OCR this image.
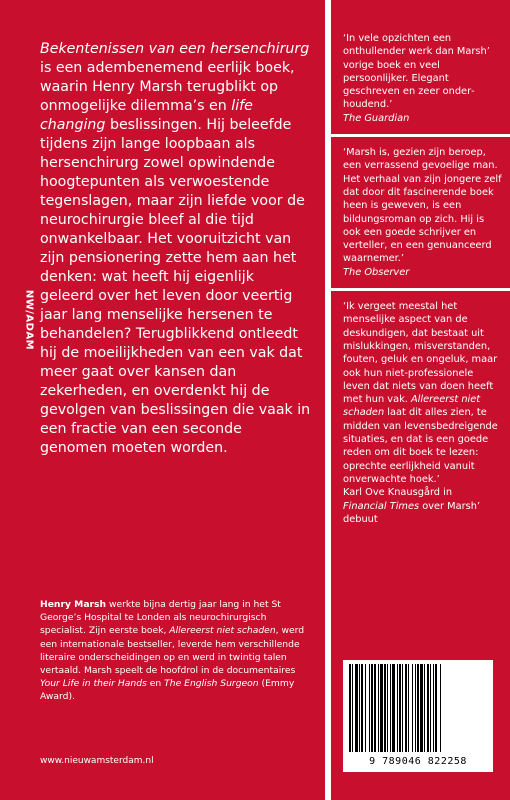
NW∕ADAM

Bekentenissen van een hersenchirurg is een adembenemend eerlijk boek, waarin Henry Marsh terugblikt op onmogelijke dilemma’s en life changing beslissingen. Hij beleefde tijdens zijn lange loopbaan als hersenchirurg zowel opwindende hoogtepunten als verwoestende tegenslagen, maar zijn liefde voor de neurochirurgie bleef al die tijd onwankelbaar. Het vooruitzicht van zijn pensionering zette hem aan het denken: wat heeft hij eigenlijk geleerd over het leven door veertig jaar lang menselijke hersenen te behandelen? Terugblikkend ontleedt hij de moeilijkheden van een vak dat meer gaat over kansen dan zekerheden, en overdenkt hij de gevolgen van beslissingen die vaak in een fractie van een seconde genomen moeten worden.

Henry Marsh werkte bijna dertig jaar lang in het St George’s Hospital te Londen als neurochirurgisch specialist. Zijn eerste boek, Allereerst niet schaden, werd een internationale bestseller, leverde hem verschillende literaire onderscheidingen op en werd in twintig talen vertaald. Marsh speelt de hoofdrol in de documentaires Your Life in their Hands en The English Surgeon (Emmy Award).

www.nieuwamsterdam.nl

‘In vele opzichten een onthullender werk dan Marsh’ vorige boek en veel persoonlijker. Elegant geschreven en zeer onderhoudend.’

The Guardian

‘Marsh is, gezien zijn beroep, een verrassend gevoelige man. Het verhaal van zijn jongere zelf dat door dit fascinerende boek heen is geweven, is een bildungsroman op zich. Hij is ook een goede schrijver en verteller, en een genuanceerd waarnemer.’

The Observer

‘Ik vergeet meestal het menselijke aspect van de deskundigen, dat bestaat uit mislukkingen, misverstanden, fouten, geluk en ongeluk, maar ook hun niet-professionele leven dat niets van doen heeft met hun vak. Allereerst niet schaden laat dit alles zien, te midden van levensbedreigende situaties, en dat is een goede reden om dit boek te lezen: oprechte eerlijkheid vanuit onverwachte hoek.’

Karl Ove Knausgård in
Financial Times over Marsh’ debuut

9 789046 822258
